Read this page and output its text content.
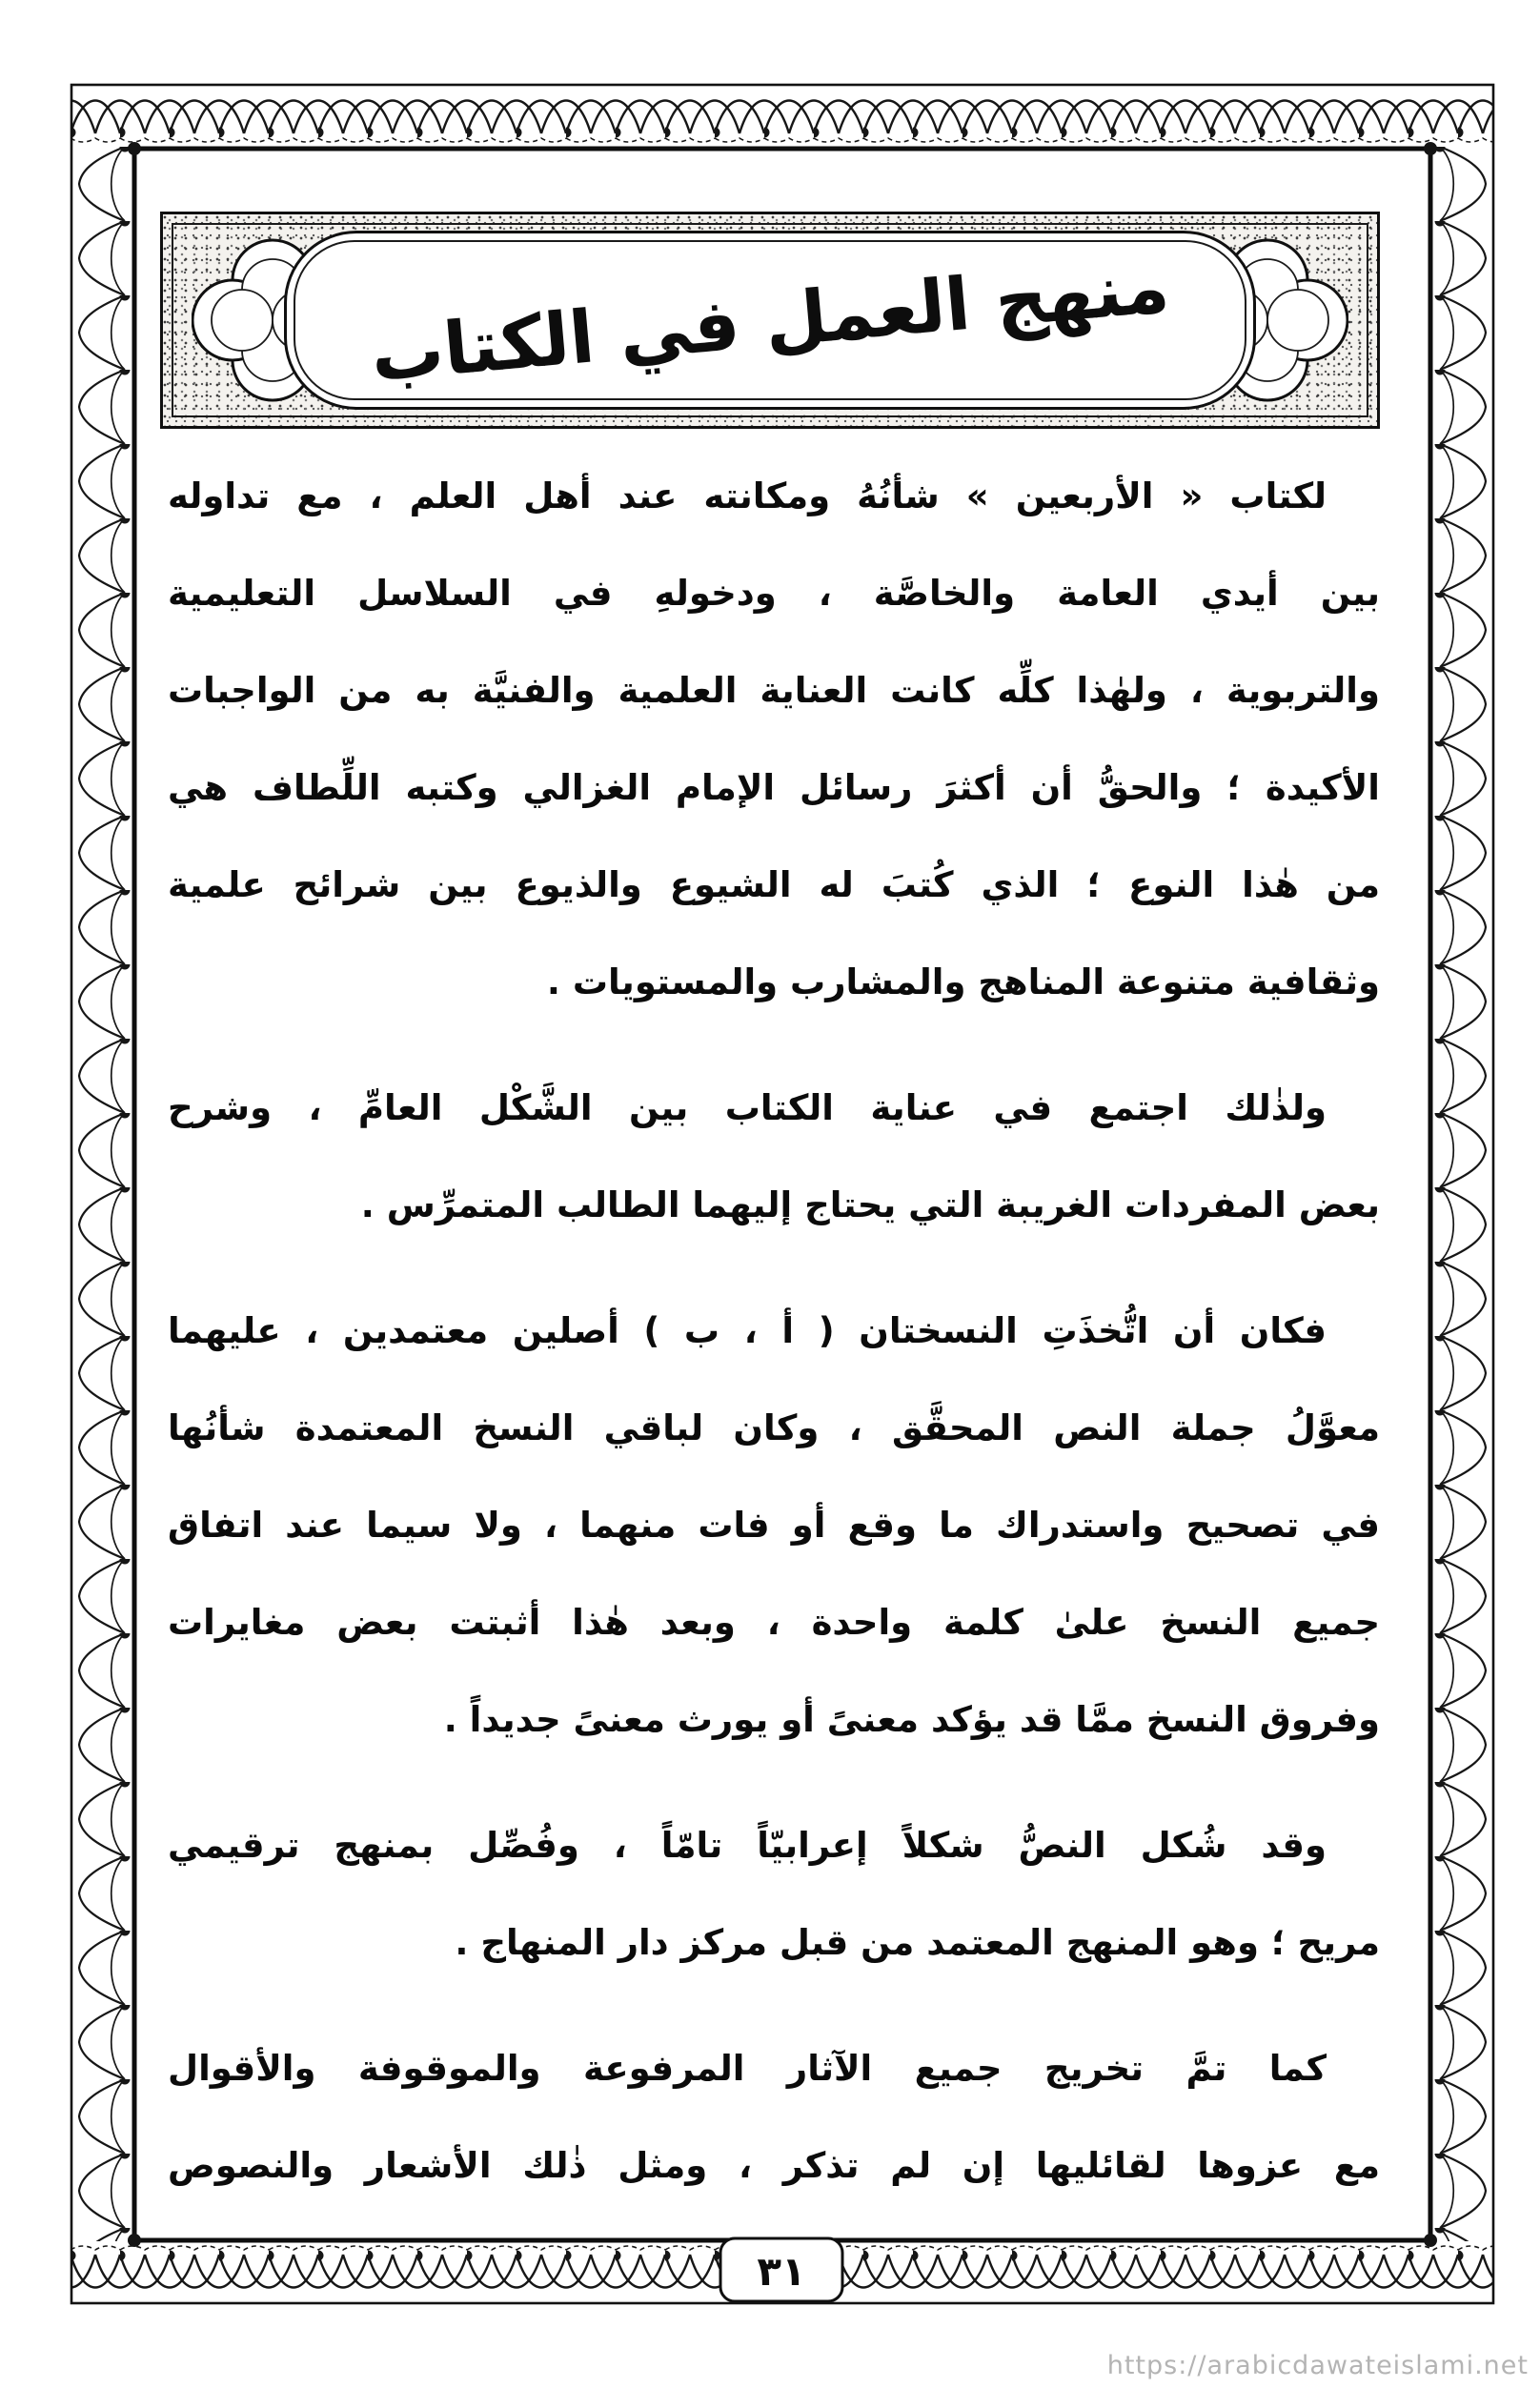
٣١
منهج العمل في الكتاب
لكتاب « الأربعين » شأنُهُ ومكانته عند أهل العلم ، مع تداوله
بين أيدي العامة والخاصَّة ، ودخولهِ في السلاسل التعليمية
والتربوية ، ولهٰذا كلِّه كانت العناية العلمية والفنيَّة به من الواجبات
الأكيدة ؛ والحقُّ أن أكثرَ رسائل الإمام الغزالي وكتبه اللِّطاف هي
من هٰذا النوع ؛ الذي كُتبَ له الشيوع والذيوع بين شرائح علمية
وثقافية متنوعة المناهج والمشارب والمستويات .
ولذٰلك اجتمع في عناية الكتاب بين الشَّكْل العامِّ ، وشرح
بعض المفردات الغريبة التي يحتاج إليهما الطالب المتمرِّس .
فكان أن اتُّخذَتِ النسختان ( أ ، ب ) أصلين معتمدين ، عليهما
معوَّلُ جملة النص المحقَّق ، وكان لباقي النسخ المعتمدة شأنُها
في تصحيح واستدراك ما وقع أو فات منهما ، ولا سيما عند اتفاق
جميع النسخ علىٰ كلمة واحدة ، وبعد هٰذا أثبتت بعض مغايرات
وفروق النسخ ممَّا قد يؤكد معنىً أو يورث معنىً جديداً .
وقد شُكل النصُّ شكلاً إعرابيّاً تامّاً ، وفُصِّل بمنهج ترقيمي
مريح ؛ وهو المنهج المعتمد من قبل مركز دار المنهاج .
كما تمَّ تخريج جميع الآثار المرفوعة والموقوفة والأقوال
مع عزوها لقائليها إن لم تذكر ، ومثل ذٰلك الأشعار والنصوص
https://arabicdawateislami.net
